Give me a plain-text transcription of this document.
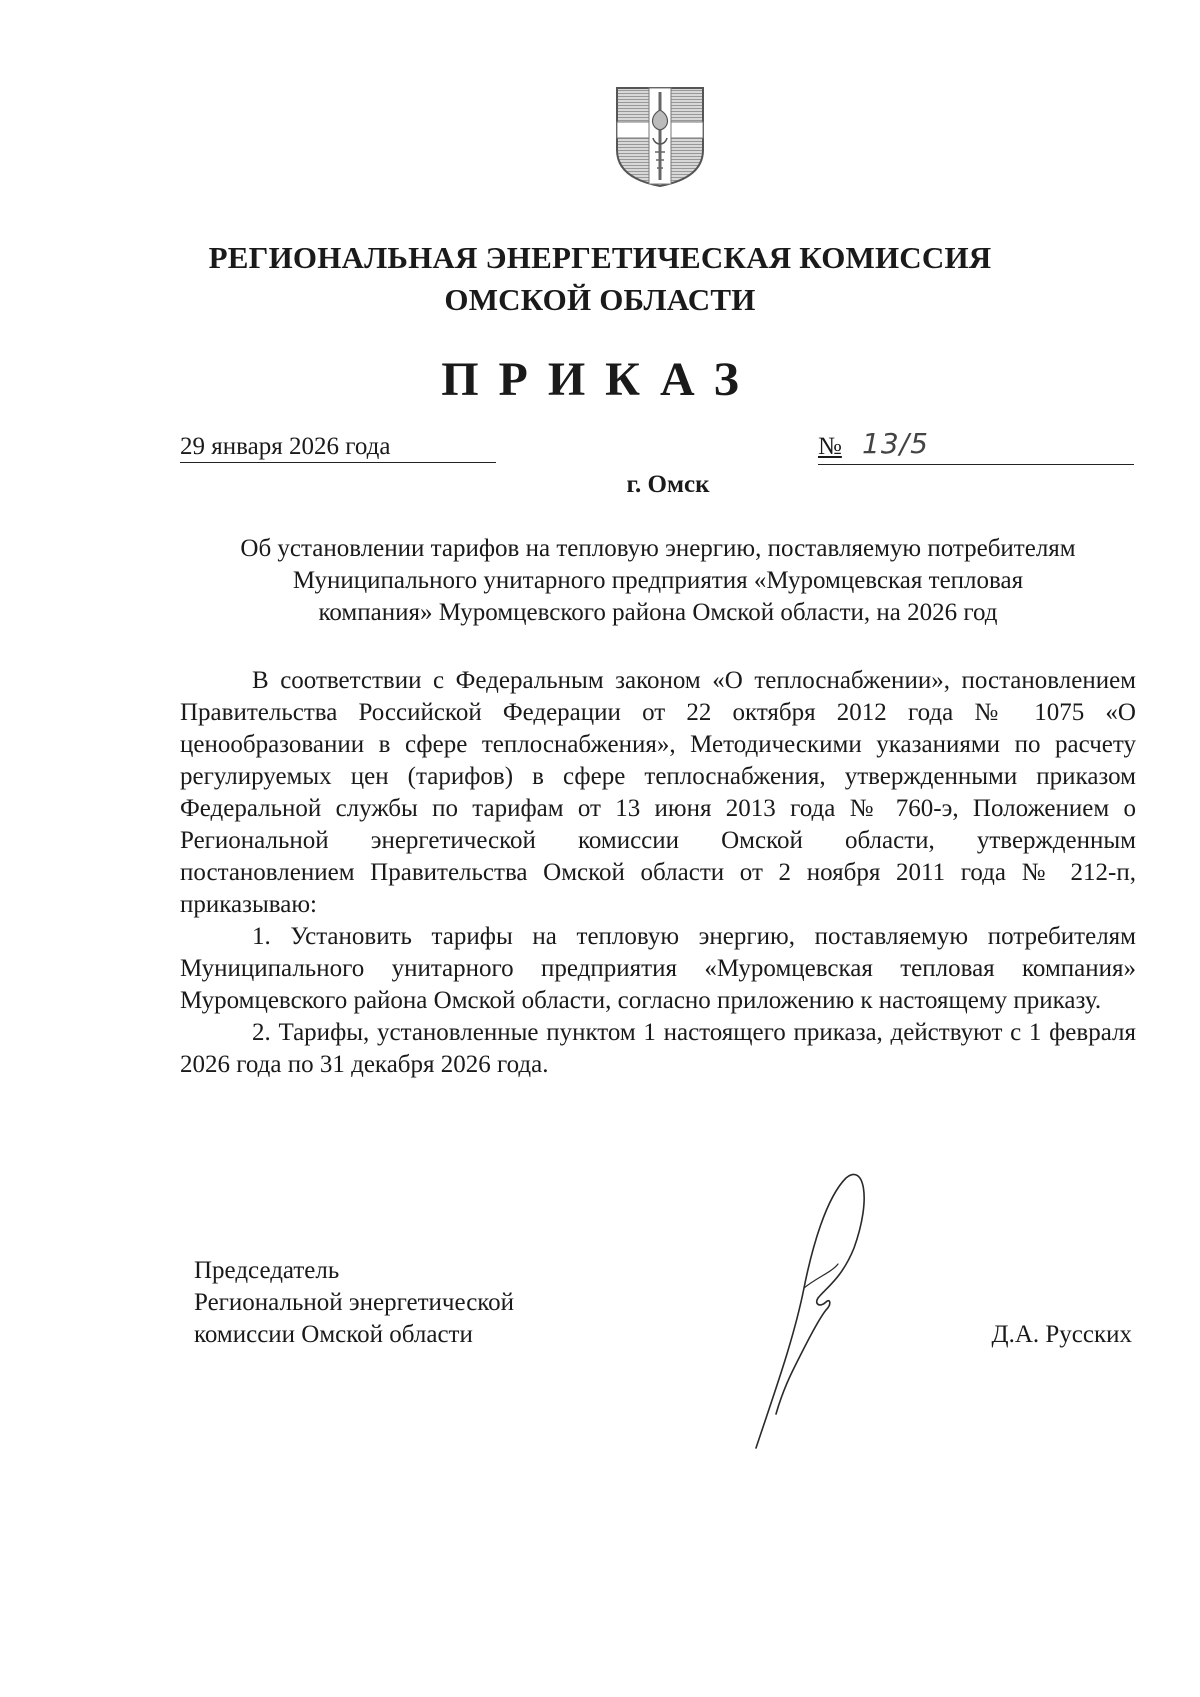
РЕГИОНАЛЬНАЯ ЭНЕРГЕТИЧЕСКАЯ КОМИССИЯ
ОМСКОЙ ОБЛАСТИ
ПРИКАЗ
29 января 2026 года	№ 13/5
г. Омск
Об установлении тарифов на тепловую энергию, поставляемую потребителям
Муниципального унитарного предприятия «Муромцевская тепловая
компания» Муромцевского района Омской области, на 2026 год

В соответствии с Федеральным законом «О теплоснабжении», постановлением Правительства Российской Федерации от 22 октября 2012 года № 1075 «О ценообразовании в сфере теплоснабжения», Методическими указаниями по расчету регулируемых цен (тарифов) в сфере теплоснабжения, утвержденными приказом Федеральной службы по тарифам от 13 июня 2013 года № 760-э, Положением о Региональной энергетической комиссии Омской области, утвержденным постановлением Правительства Омской области от 2 ноября 2011 года № 212-п, приказываю:

1. Установить тарифы на тепловую энергию, поставляемую потребителям Муниципального унитарного предприятия «Муромцевская тепловая компания» Муромцевского района Омской области, согласно приложению к настоящему приказу.

2. Тарифы, установленные пунктом 1 настоящего приказа, действуют с 1 февраля 2026 года по 31 декабря 2026 года.

Председатель
Региональной энергетической
комиссии Омской области	Д.А. Русских
